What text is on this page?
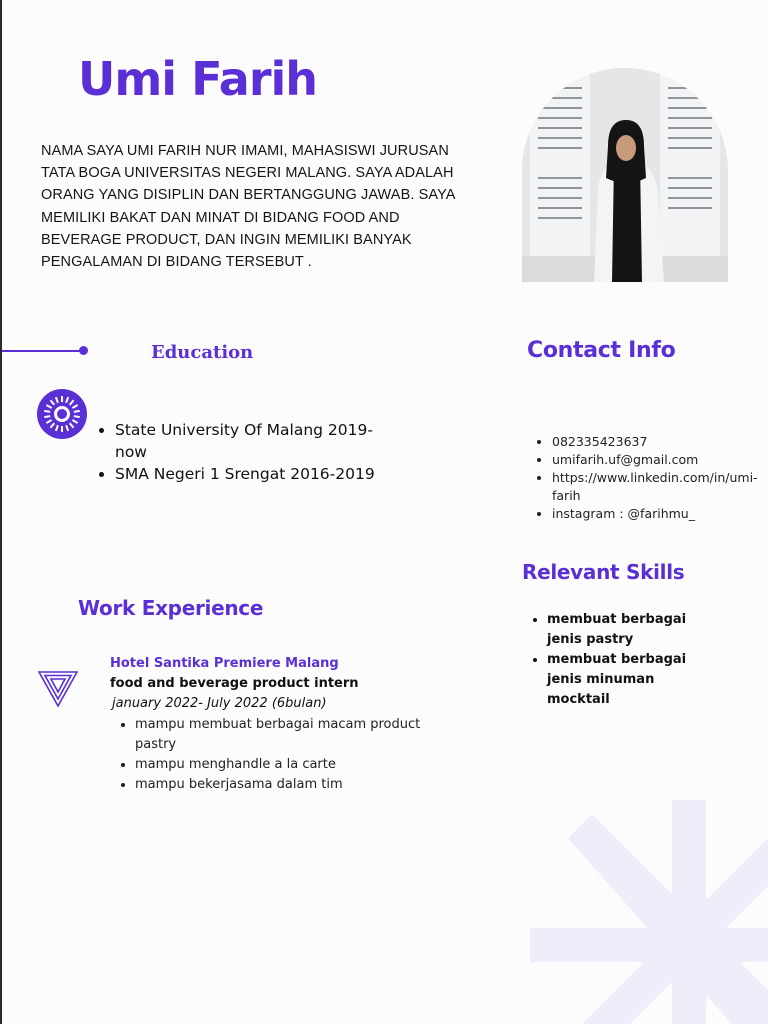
Umi Farih

NAMA SAYA UMI FARIH NUR IMAMI, MAHASISWI JURUSAN TATA BOGA UNIVERSITAS NEGERI MALANG. SAYA ADALAH ORANG YANG DISIPLIN DAN BERTANGGUNG JAWAB. SAYA MEMILIKI BAKAT DAN MINAT DI BIDANG FOOD AND BEVERAGE PRODUCT, DAN INGIN MEMILIKI BANYAK PENGALAMAN DI BIDANG TERSEBUT .

Education
• State University Of Malang 2019-now
• SMA Negeri 1 Srengat 2016-2019
Contact Info
• 082335423637
• umifarih.uf@gmail.com
• https://www.linkedin.com/in/umi-farih
• instagram : @farihmu_
Relevant Skills
• membuat berbagai jenis pastry
• membuat berbagai jenis minuman mocktail
Work Experience

Hotel Santika Premiere Malang

food and beverage product intern

january 2022- July 2022 (6bulan)

• mampu membuat berbagai macam product pastry
• mampu menghandle a la carte
• mampu bekerjasama dalam tim
